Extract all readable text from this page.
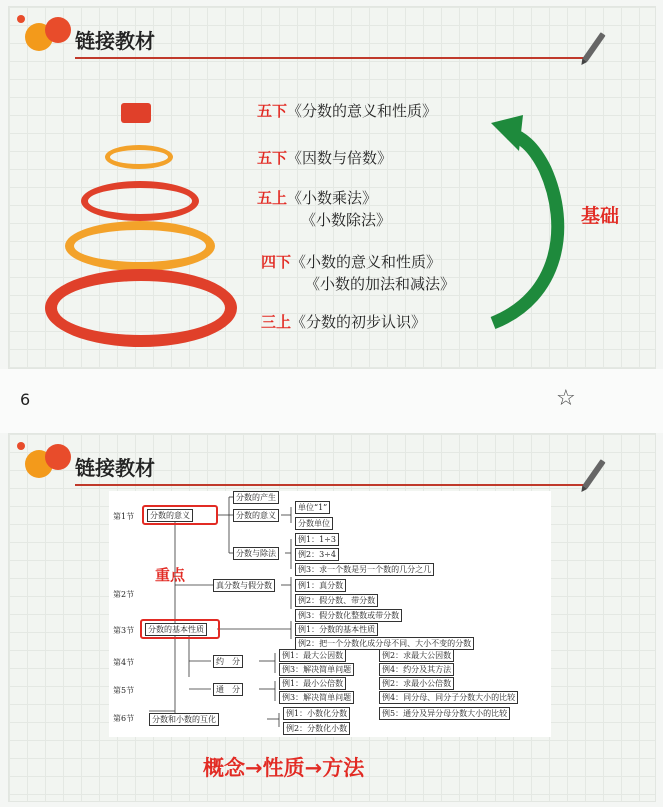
链接教材
五下《分数的意义和性质》
五下《因数与倍数》
五上《小数乘法》
《小数除法》
四下《小数的意义和性质》
《小数的加法和减法》
三上《分数的初步认识》
基础
6	☆
链接教材
第1节
第2节
第3节
第4节
第5节
第6节
分数的意义
真分数与假分数
分数的基本性质
分数和小数的互化
分数的产生
分数的意义
分数与除法
约　分
通　分
单位“1”
分数单位
例1：1÷3
例2：3÷4
例3：求一个数是另一个数的几分之几
例1：真分数
例2：假分数、带分数
例3：假分数化整数或带分数
例1：分数的基本性质
例2：把一个分数化成分母不同、大小不变的分数
例1：最大公因数	例2：求最大公因数
例3：解决简单问题	例4：约分及其方法
例1：最小公倍数	例2：求最小公倍数
例3：解决简单问题	例4：同分母、同分子分数大小的比较
例1：小数化分数	例5：通分及异分母分数大小的比较
例2：分数化小数
重点
概念→性质→方法
